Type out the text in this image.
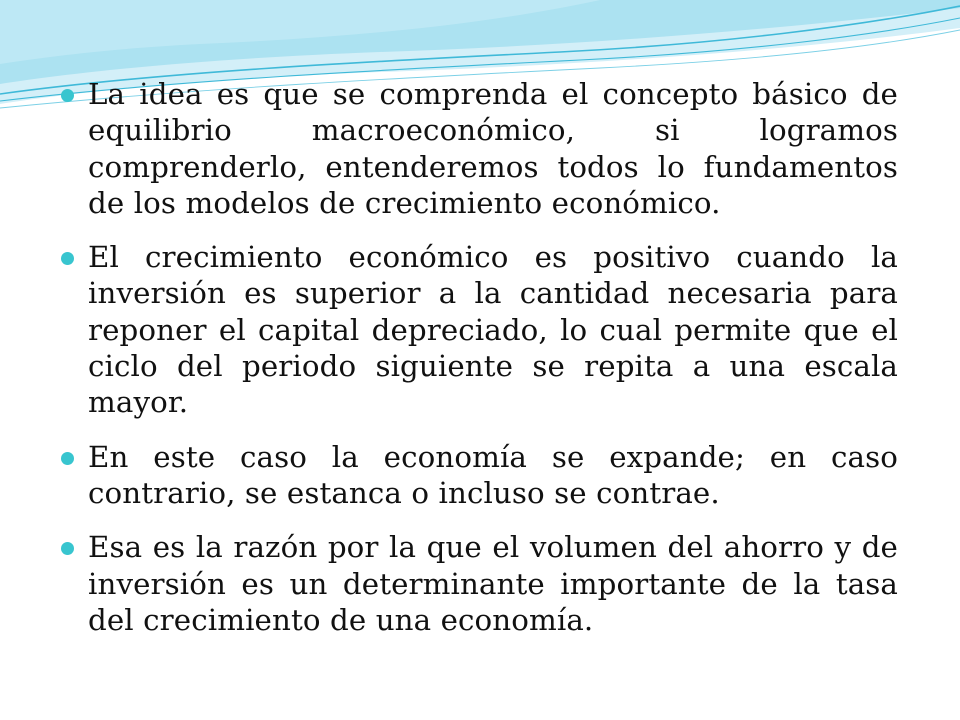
La idea es que se comprenda el concepto básico de equilibrio macroeconómico, si logramos comprenderlo, entenderemos todos lo fundamentos de los modelos de crecimiento económico.
El crecimiento económico es positivo cuando la inversión es superior a la cantidad necesaria para reponer el capital depreciado, lo cual permite que el ciclo del periodo siguiente se repita a una escala mayor.
En este caso la economía se expande; en caso contrario, se estanca o incluso se contrae.
Esa es la razón por la que el volumen del ahorro y de inversión es un determinante importante de la tasa del crecimiento de una economía.
